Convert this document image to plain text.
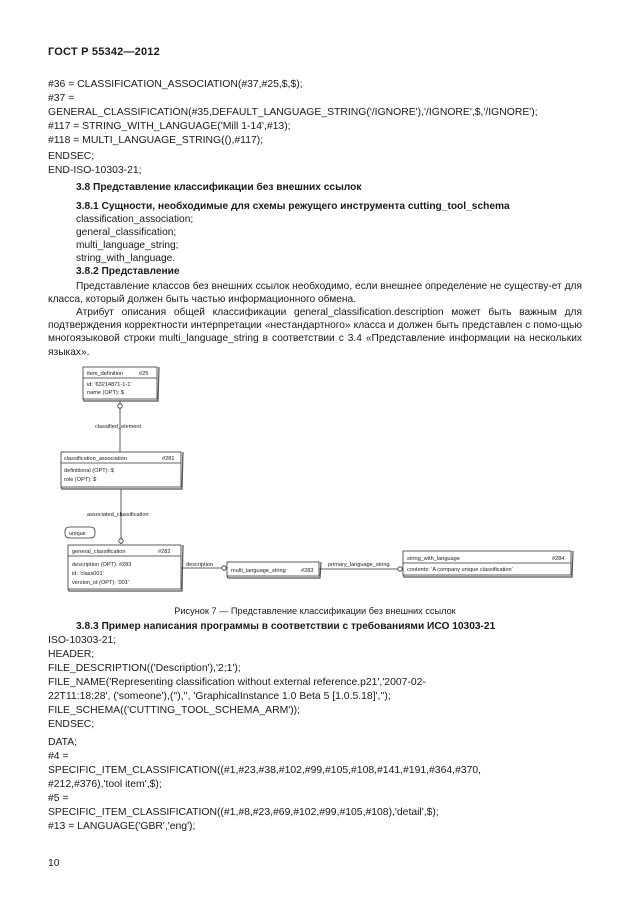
ГОСТ Р 55342—2012
#36 = CLASSIFICATION_ASSOCIATION(#37,#25,$,$);
#37 =
GENERAL_CLASSIFICATION(#35,DEFAULT_LANGUAGE_STRING('/IGNORE'),'/IGNORE',$,'/IGNORE');
#117 = STRING_WITH_LANGUAGE('Mill 1-14',#13);
#118 = MULTI_LANGUAGE_STRING((),#117);
ENDSEC;
END-ISO-10303-21;
3.8 Представление классификации без внешних ссылок
3.8.1 Сущности, необходимые для схемы режущего инструмента cutting_tool_schema
classification_association;
general_classification;
multi_language_string;
string_with_language.
3.8.2 Представление
Представление классов без внешних ссылок необходимо, если внешнее определение не существу-ет для класса, который должен быть частью информационного обмена.
Атрибут описания общей классификации general_classification.description может быть важным для подтверждения корректности интерпретации «нестандартного» класса и должен быть представлен с помо-щью многоязыковой строки multi_language_string в соответствии с 3.4 «Представление информации на нескольких языках».
item_definition	#25
id: '63214871-1-1'
name (OPT): $
classified_element
classification_association	#281
definitional (OPT): $
role (OPT): $
associated_classification
unique
general_classification	#282
description (OPT): #283
id: 'class001'
version_id (OPT): '001'
description
multi_language_string	#283
primary_language_string
string_with_language	#284
contents: 'A company unique classification'
Рисунок 7 — Представление классификации без внешних ссылок
3.8.3 Пример написания программы в соответствии с требованиями ИСО 10303-21
ISO-10303-21;
HEADER;
FILE_DESCRIPTION(('Description'),'2;1');
FILE_NAME('Representing classification without external reference.p21','2007-02-
22T11:18:28', ('someone'),(''),'', 'GraphicalInstance 1.0 Beta 5 [1.0.5.18]','');
FILE_SCHEMA(('CUTTING_TOOL_SCHEMA_ARM'));
ENDSEC;
DATA;
#4 =
SPECIFIC_ITEM_CLASSIFICATION((#1,#23,#38,#102,#99,#105,#108,#141,#191,#364,#370,
#212,#376),'tool item',$);
#5 =
SPECIFIC_ITEM_CLASSIFICATION((#1,#8,#23,#69,#102,#99,#105,#108),'detail',$);
#13 = LANGUAGE('GBR','eng');
10
